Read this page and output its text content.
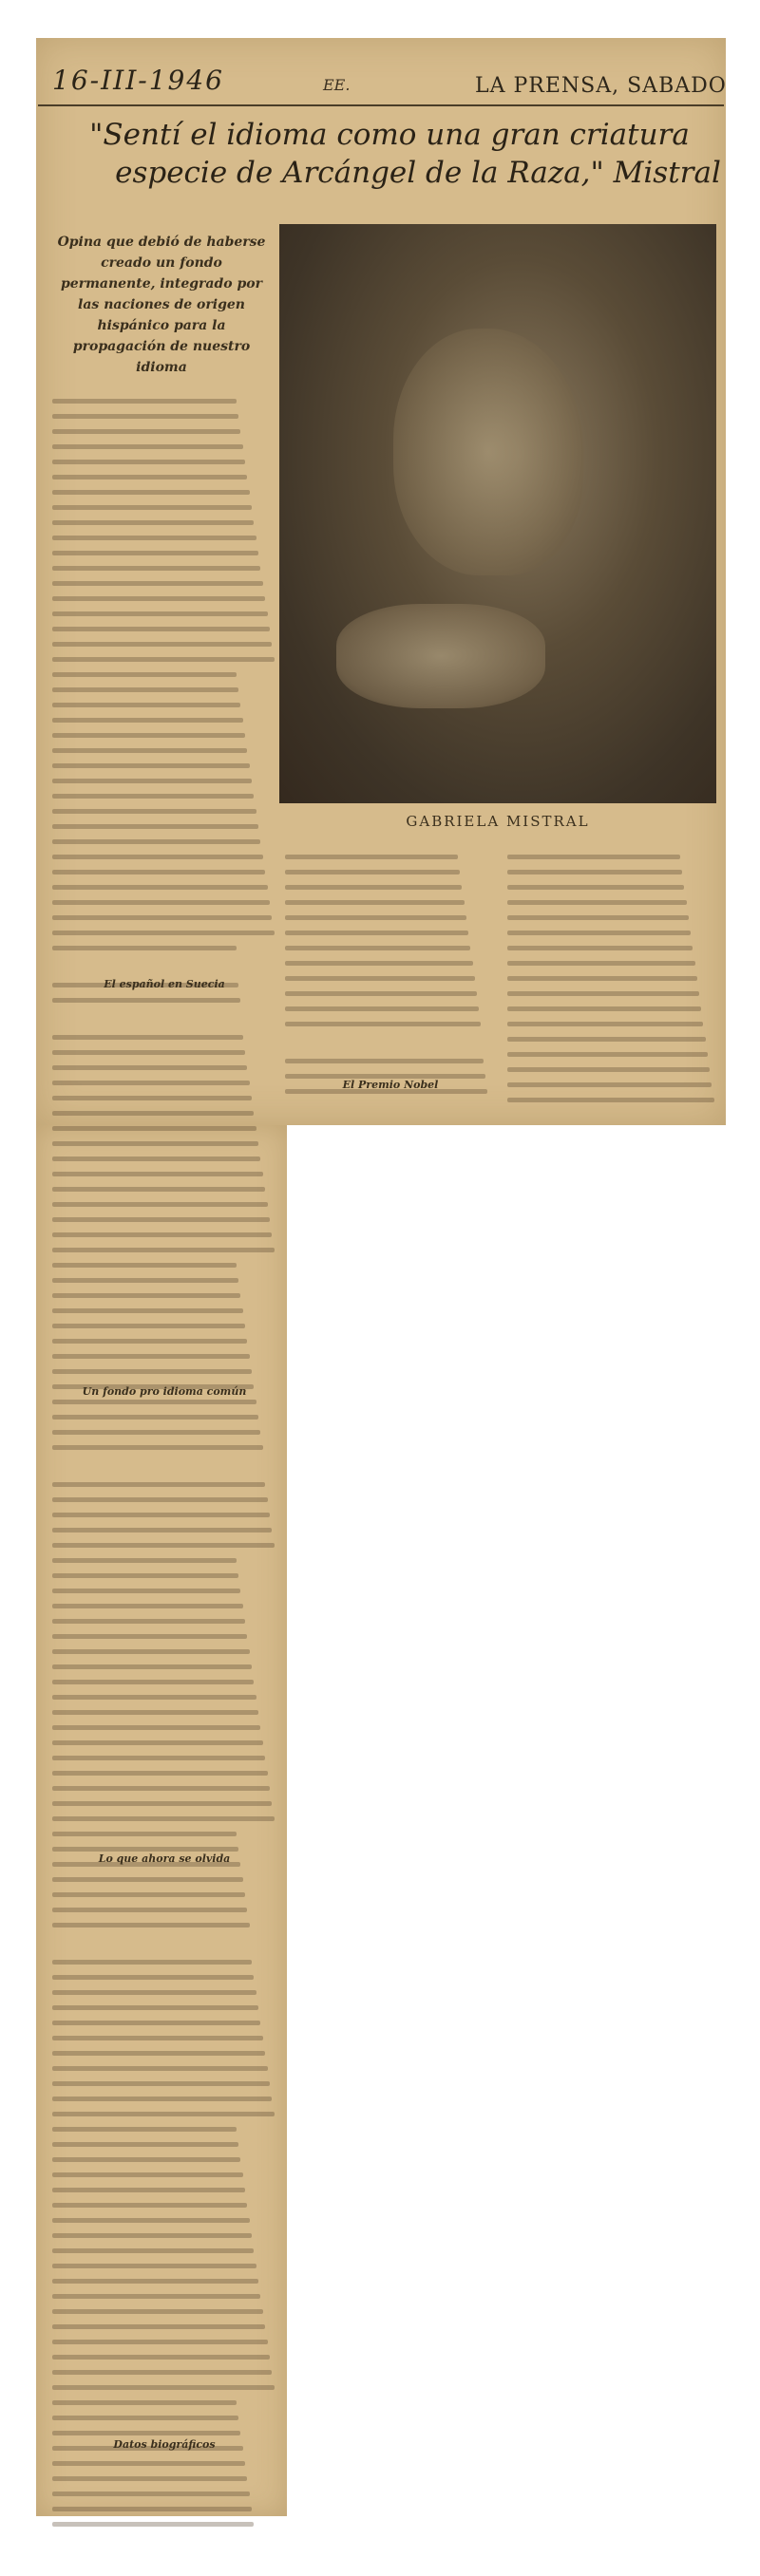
16-III-1946	EE.	LA PRENSA, SABADO
"Sentí el idioma como una gran criatura
especie de Arcángel de la Raza," Mistral
Opina que debió de haberse creado un fondo permanente, integrado por las naciones de origen hispánico para la propagación de nuestro idioma
GABRIELA MISTRAL
El español en Suecia
Un fondo pro idioma común
Lo que ahora se olvida
El Premio Nobel
Datos biográficos
